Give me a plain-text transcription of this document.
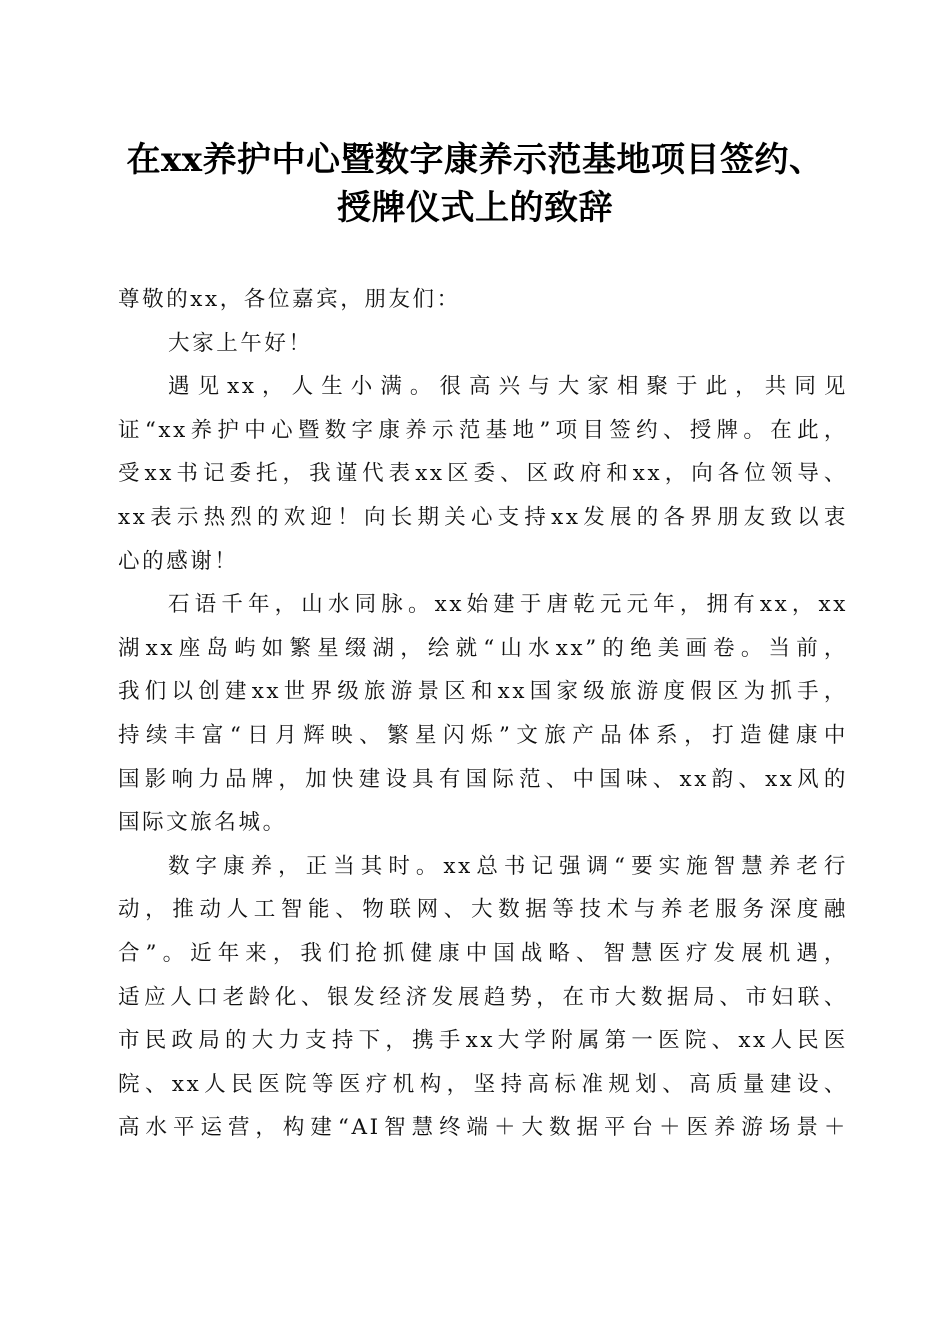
在xx养护中心暨数字康养示范基地项目签约、
授牌仪式上的致辞
尊敬的xx，各位嘉宾，朋友们：
大家上午好！
遇见xx，人生小满。很高兴与大家相聚于此，共同见
证“xx养护中心暨数字康养示范基地”项目签约、授牌。在此，
受xx书记委托，我谨代表xx区委、区政府和xx，向各位领导、
xx表示热烈的欢迎！向长期关心支持xx发展的各界朋友致以衷
心的感谢！
石语千年，山水同脉。xx始建于唐乾元元年，拥有xx，xx
湖xx座岛屿如繁星缀湖，绘就“山水xx”的绝美画卷。当前，
我们以创建xx世界级旅游景区和xx国家级旅游度假区为抓手，
持续丰富“日月辉映、繁星闪烁”文旅产品体系，打造健康中
国影响力品牌，加快建设具有国际范、中国味、xx韵、xx风的
国际文旅名城。
数字康养，正当其时。xx总书记强调“要实施智慧养老行
动，推动人工智能、物联网、大数据等技术与养老服务深度融
合”。近年来，我们抢抓健康中国战略、智慧医疗发展机遇，
适应人口老龄化、银发经济发展趋势，在市大数据局、市妇联、
市民政局的大力支持下，携手xx大学附属第一医院、xx人民医
院、xx人民医院等医疗机构，坚持高标准规划、高质量建设、
高水平运营，构建“AI智慧终端＋大数据平台＋医养游场景＋
